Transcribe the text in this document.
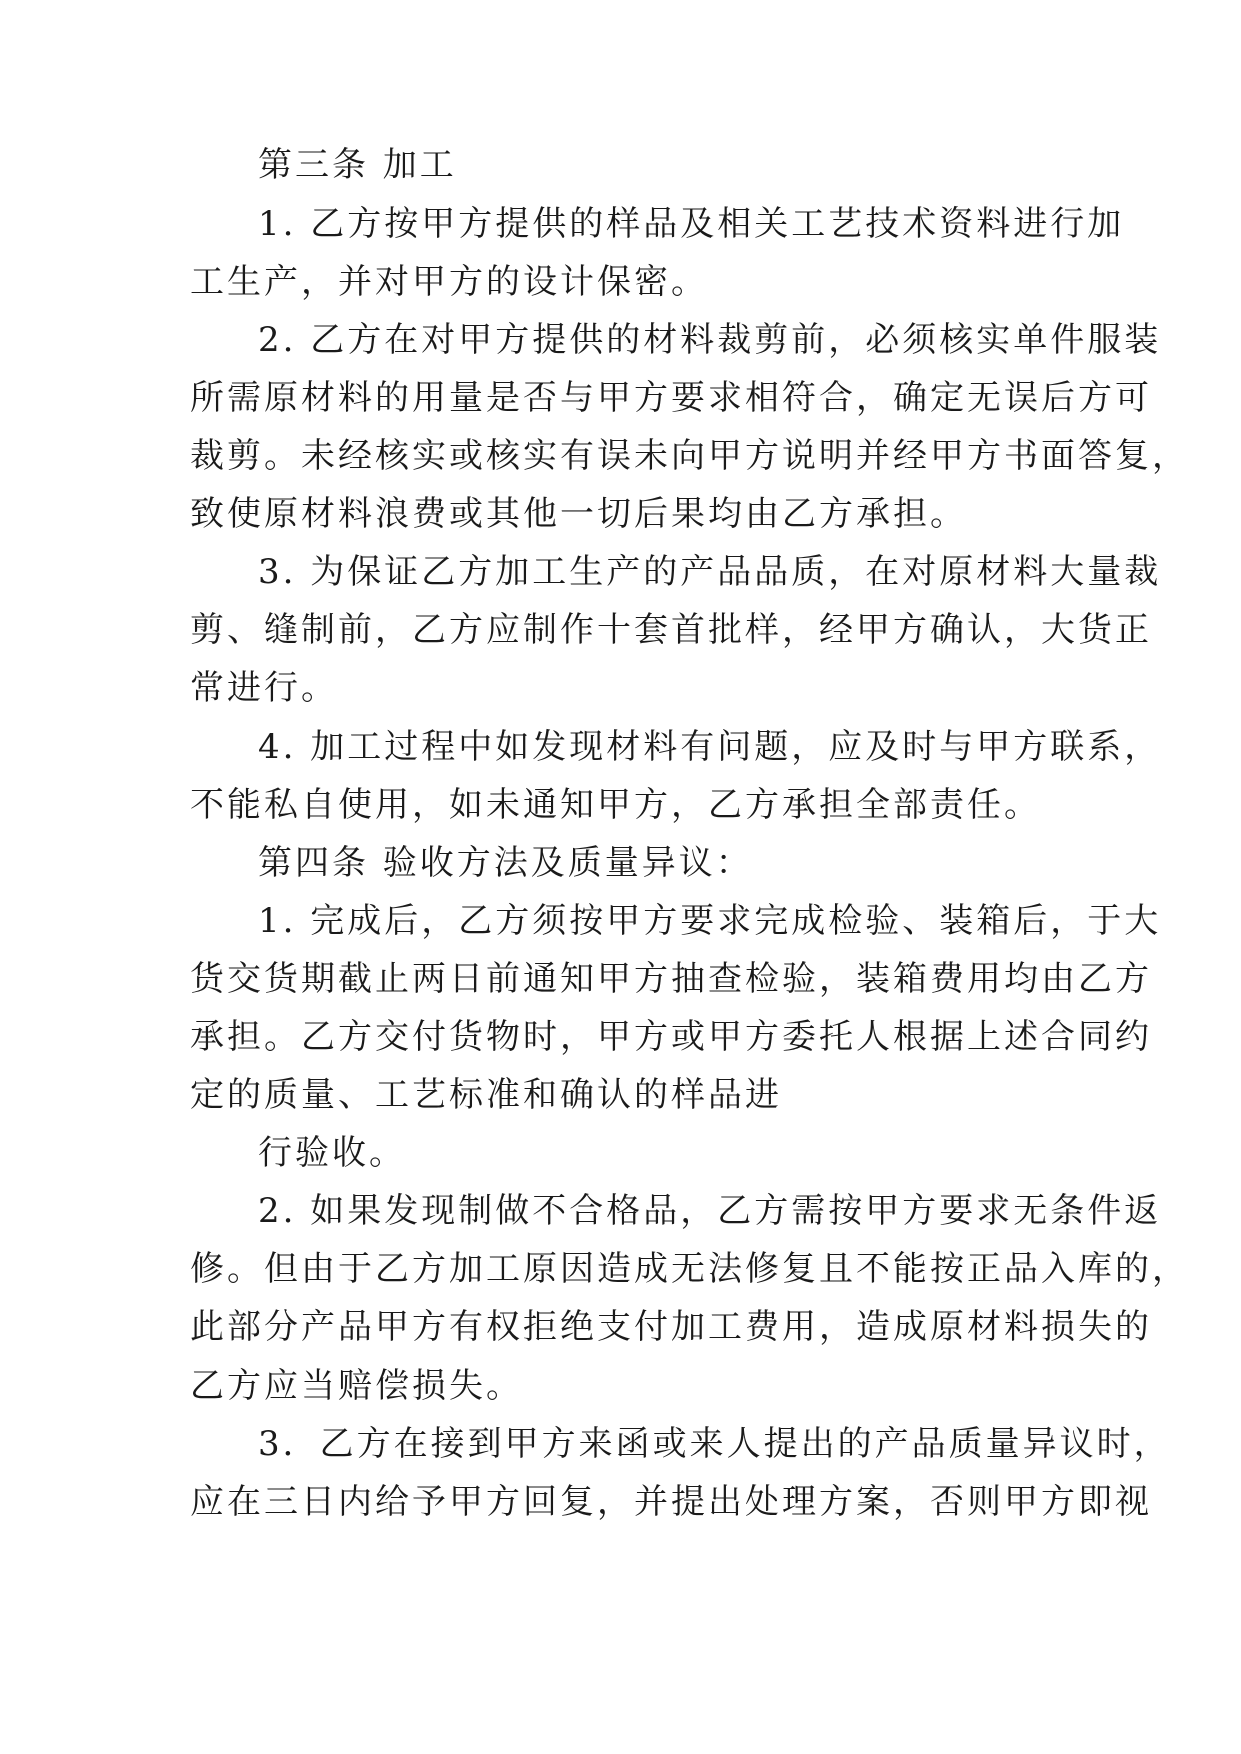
第三条 加工
1. 乙方按甲方提供的样品及相关工艺技术资料进行加
工生产，并对甲方的设计保密。
2. 乙方在对甲方提供的材料裁剪前，必须核实单件服装
所需原材料的用量是否与甲方要求相符合，确定无误后方可
裁剪。未经核实或核实有误未向甲方说明并经甲方书面答复，
致使原材料浪费或其他一切后果均由乙方承担。
3. 为保证乙方加工生产的产品品质，在对原材料大量裁
剪、缝制前，乙方应制作十套首批样，经甲方确认，大货正
常进行。
4. 加工过程中如发现材料有问题，应及时与甲方联系，
不能私自使用，如未通知甲方，乙方承担全部责任。
第四条 验收方法及质量异议：
1. 完成后，乙方须按甲方要求完成检验、装箱后，于大
货交货期截止两日前通知甲方抽查检验，装箱费用均由乙方
承担。乙方交付货物时，甲方或甲方委托人根据上述合同约
定的质量、工艺标准和确认的样品进
行验收。
2. 如果发现制做不合格品，乙方需按甲方要求无条件返
修。但由于乙方加工原因造成无法修复且不能按正品入库的，
此部分产品甲方有权拒绝支付加工费用，造成原材料损失的
乙方应当赔偿损失。
3．乙方在接到甲方来函或来人提出的产品质量异议时，
应在三日内给予甲方回复，并提出处理方案，否则甲方即视
